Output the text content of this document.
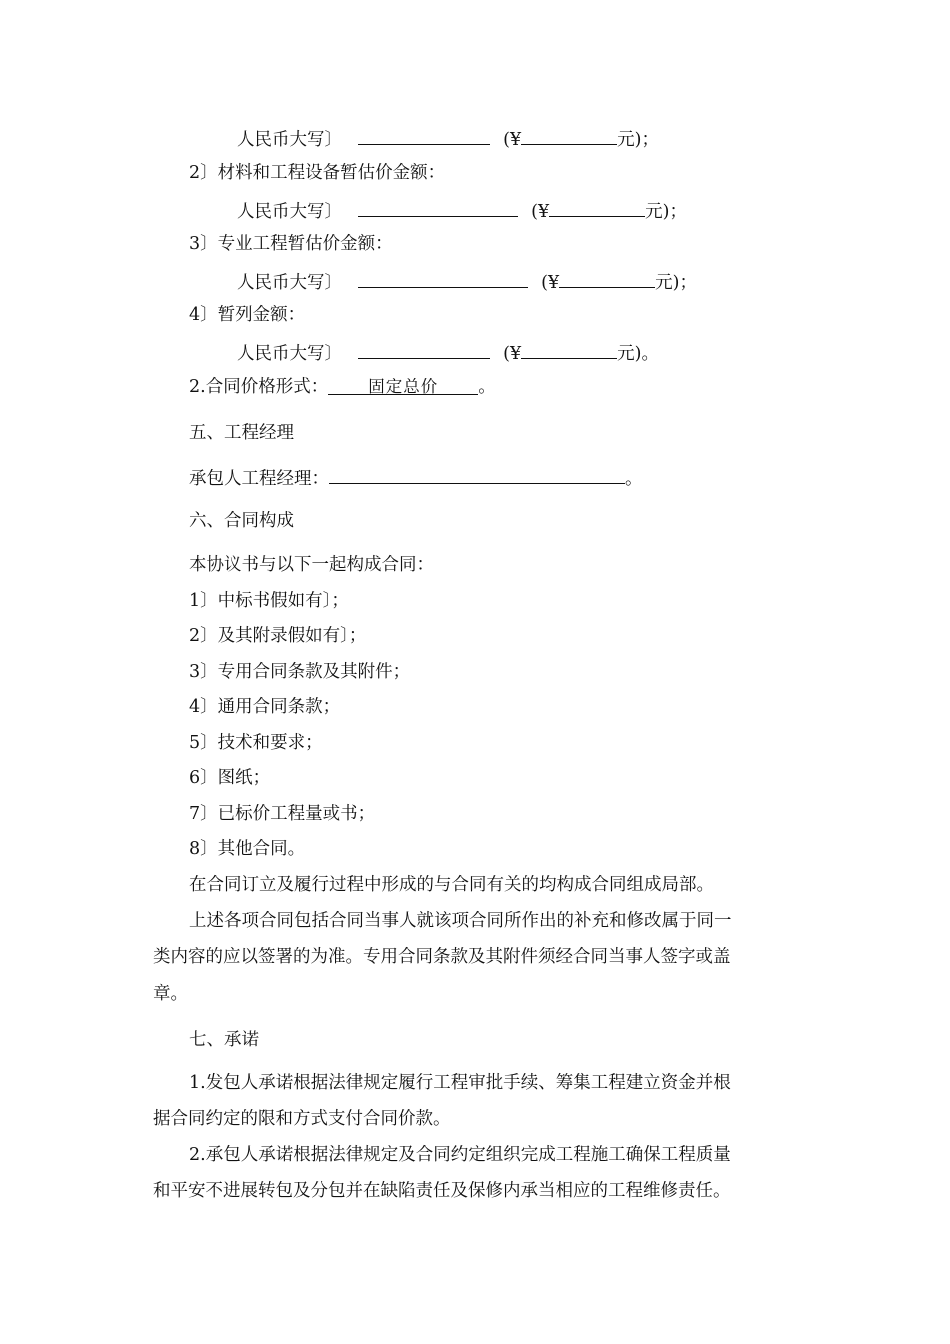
人民币大写〕	(¥	元)；
2〕材料和工程设备暂估价金额：
人民币大写〕	(¥	元)；
3〕专业工程暂估价金额：
人民币大写〕	(¥	元)；
4〕暂列金额：
人民币大写〕	(¥	元)。
2.合同价格形式： 固定总价 。
五、工程经理
承包人工程经理：	。
六、合同构成
本协议书与以下一起构成合同：
1〕中标书假如有〕；
2〕及其附录假如有〕；
3〕专用合同条款及其附件；
4〕通用合同条款；
5〕技术和要求；
6〕图纸；
7〕已标价工程量或书；
8〕其他合同。
在合同订立及履行过程中形成的与合同有关的均构成合同组成局部。
上述各项合同包括合同当事人就该项合同所作出的补充和修改属于同一
类内容的应以签署的为准。专用合同条款及其附件须经合同当事人签字或盖
章。
七、承诺
1.发包人承诺根据法律规定履行工程审批手续、筹集工程建立资金并根
据合同约定的限和方式支付合同价款。
2.承包人承诺根据法律规定及合同约定组织完成工程施工确保工程质量
和平安不进展转包及分包并在缺陷责任及保修内承当相应的工程维修责任。
